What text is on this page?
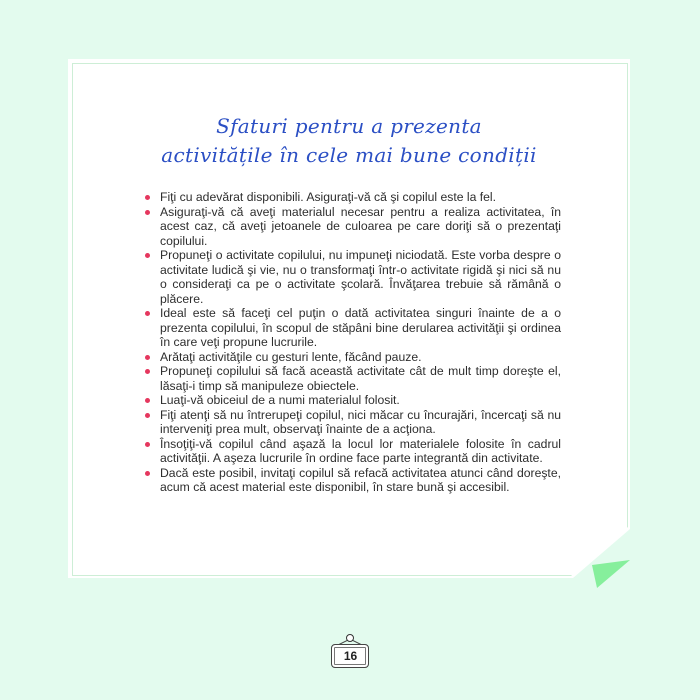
Sfaturi pentru a prezenta
activitățile în cele mai bune condiții
Fiţi cu adevărat disponibili. Asiguraţi-vă că şi copilul este la fel.
Asiguraţi-vă că aveţi materialul necesar pentru a realiza activitatea, în acest caz, că aveţi jetoanele de culoarea pe care doriţi să o prezentaţi copilului.
Propuneţi o activitate copilului, nu impuneţi niciodată. Este vorba despre o activitate ludică şi vie, nu o transformaţi într-o activitate rigidă şi nici să nu o consideraţi ca pe o activitate şcolară. Învăţarea trebuie să rămână o plăcere.
Ideal este să faceţi cel puţin o dată activitatea singuri înainte de a o prezenta copilului, în scopul de stăpâni bine derularea activităţii şi ordinea în care veţi propune lucrurile.
Arătaţi activităţile cu gesturi lente, făcând pauze.
Propuneţi copilului să facă această activitate cât de mult timp doreşte el, lăsaţi-i timp să manipuleze obiectele.
Luaţi-vă obiceiul de a numi materialul folosit.
Fiţi atenţi să nu întrerupeţi copilul, nici măcar cu încurajări, încercaţi să nu interveniţi prea mult, observaţi înainte de a acţiona.
Însoţiţi-vă copilul când aşază la locul lor materialele folosite în cadrul activităţii. A aşeza lucrurile în ordine face parte integrantă din activitate.
Dacă este posibil, invitaţi copilul să refacă activitatea atunci când doreşte, acum că acest material este disponibil, în stare bună şi accesibil.
16
